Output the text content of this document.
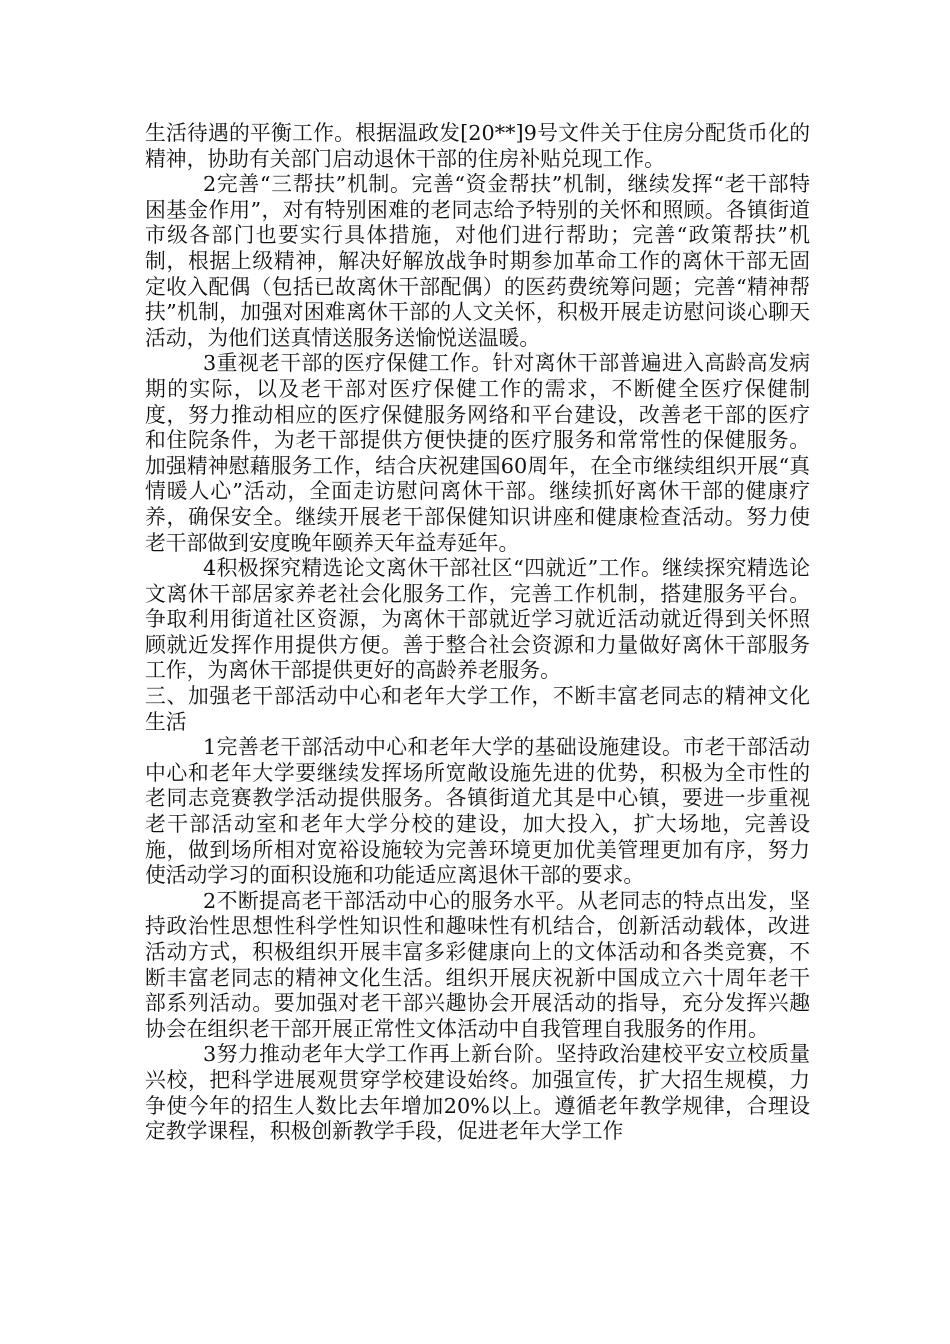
生活待遇的平衡工作。根据温政发[20**]9号文件关于住房分配货币化的精神，协助有关部门启动退休干部的住房补贴兑现工作。

2完善“三帮扶”机制。完善“资金帮扶”机制，继续发挥“老干部特困基金作用”，对有特别困难的老同志给予特别的关怀和照顾。各镇街道市级各部门也要实行具体措施，对他们进行帮助；完善“政策帮扶”机制，根据上级精神，解决好解放战争时期参加革命工作的离休干部无固定收入配偶（包括已故离休干部配偶）的医药费统筹问题；完善“精神帮扶”机制，加强对困难离休干部的人文关怀，积极开展走访慰问谈心聊天活动，为他们送真情送服务送愉悦送温暖。

3重视老干部的医疗保健工作。针对离休干部普遍进入高龄高发病期的实际，以及老干部对医疗保健工作的需求，不断健全医疗保健制度，努力推动相应的医疗保健服务网络和平台建设，改善老干部的医疗和住院条件，为老干部提供方便快捷的医疗服务和常常性的保健服务。加强精神慰藉服务工作，结合庆祝建国60周年，在全市继续组织开展“真情暖人心”活动，全面走访慰问离休干部。继续抓好离休干部的健康疗养，确保安全。继续开展老干部保健知识讲座和健康检查活动。努力使老干部做到安度晚年颐养天年益寿延年。

4积极探究精选论文离休干部社区“四就近”工作。继续探究精选论文离休干部居家养老社会化服务工作，完善工作机制，搭建服务平台。争取利用街道社区资源，为离休干部就近学习就近活动就近得到关怀照顾就近发挥作用提供方便。善于整合社会资源和力量做好离休干部服务工作，为离休干部提供更好的高龄养老服务。

三、加强老干部活动中心和老年大学工作，不断丰富老同志的精神文化生活

1完善老干部活动中心和老年大学的基础设施建设。市老干部活动中心和老年大学要继续发挥场所宽敞设施先进的优势，积极为全市性的老同志竞赛教学活动提供服务。各镇街道尤其是中心镇，要进一步重视老干部活动室和老年大学分校的建设，加大投入，扩大场地，完善设施，做到场所相对宽裕设施较为完善环境更加优美管理更加有序，努力使活动学习的面积设施和功能适应离退休干部的要求。

2不断提高老干部活动中心的服务水平。从老同志的特点出发，坚持政治性思想性科学性知识性和趣味性有机结合，创新活动载体，改进活动方式，积极组织开展丰富多彩健康向上的文体活动和各类竞赛，不断丰富老同志的精神文化生活。组织开展庆祝新中国成立六十周年老干部系列活动。要加强对老干部兴趣协会开展活动的指导，充分发挥兴趣协会在组织老干部开展正常性文体活动中自我管理自我服务的作用。

3努力推动老年大学工作再上新台阶。坚持政治建校平安立校质量兴校，把科学进展观贯穿学校建设始终。加强宣传，扩大招生规模，力争使今年的招生人数比去年增加20%以上。遵循老年教学规律，合理设定教学课程，积极创新教学手段，促进老年大学工作
